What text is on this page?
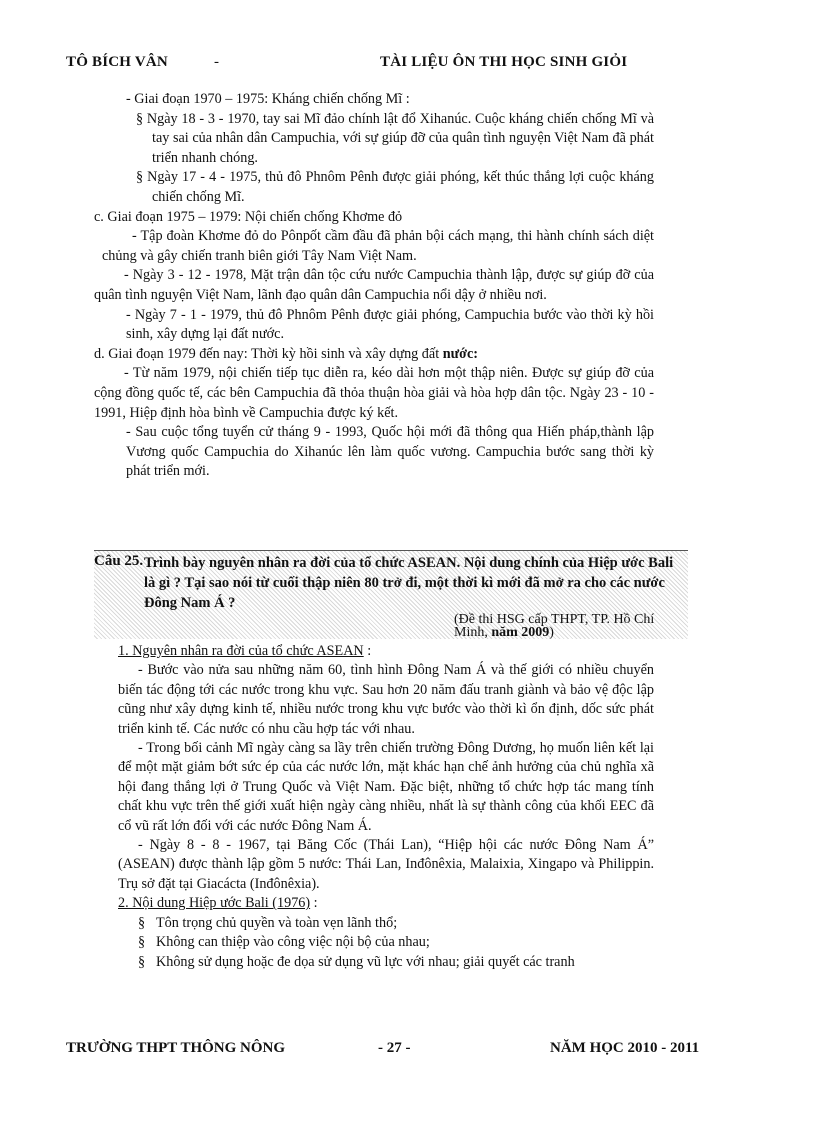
TÔ BÍCH VÂN	-	TÀI LIỆU ÔN THI HỌC SINH GIỎI

- Giai đoạn 1970 – 1975: Kháng chiến chống Mĩ :

§ Ngày 18 - 3 - 1970, tay sai Mĩ đảo chính lật đổ Xihanúc. Cuộc kháng chiến chống Mĩ và tay sai của nhân dân Campuchia, với sự giúp đỡ của quân tình nguyện Việt Nam đã phát triển nhanh chóng.

§ Ngày 17 - 4 - 1975, thủ đô Phnôm Pênh được giải phóng, kết thúc thắng lợi cuộc kháng chiến chống Mĩ.

c. Giai đoạn 1975 – 1979: Nội chiến chống Khơme đỏ

- Tập đoàn Khơme đỏ do Pônpốt cầm đầu đã phản bội cách mạng, thi hành chính sách diệt chủng và gây chiến tranh biên giới Tây Nam Việt Nam.

- Ngày 3 - 12 - 1978, Mặt trận dân tộc cứu nước Campuchia thành lập, được sự giúp đỡ của quân tình nguyện Việt Nam, lãnh đạo quân dân Campuchia nổi dậy ở nhiều nơi.

- Ngày 7 - 1 - 1979, thủ đô Phnôm Pênh được giải phóng, Campuchia bước vào thời kỳ hồi sinh, xây dựng lại đất nước.

d. Giai đoạn 1979 đến nay: Thời kỳ hồi sinh và xây dựng đất nước:

- Từ năm 1979, nội chiến tiếp tục diễn ra, kéo dài hơn một thập niên. Được sự giúp đỡ của cộng đồng quốc tế, các bên Campuchia đã thỏa thuận hòa giải và hòa hợp dân tộc. Ngày 23 - 10 - 1991, Hiệp định hòa bình về Campuchia được ký kết.

- Sau cuộc tổng tuyển cử tháng 9 - 1993, Quốc hội mới đã thông qua Hiến pháp,thành lập Vương quốc Campuchia do Xihanúc lên làm quốc vương. Campuchia bước sang thời kỳ phát triển mới.

Câu 25. Trình bày nguyên nhân ra đời của tổ chức ASEAN. Nội dung chính của Hiệp ước Bali là gì ? Tại sao nói từ cuối thập niên 80 trở đi, một thời kì mới đã mở ra cho các nước Đông Nam Á ?
(Đề thi HSG cấp THPT, TP. Hồ Chí Minh, năm 2009)

1. Nguyên nhân ra đời của tổ chức ASEAN :

- Bước vào nửa sau những năm 60, tình hình Đông Nam Á và thế giới có nhiều chuyển biến tác động tới các nước trong khu vực. Sau hơn 20 năm đấu tranh giành và bảo vệ độc lập cũng như xây dựng kinh tế, nhiều nước trong khu vực bước vào thời kì ổn định, dốc sức phát triển kinh tế. Các nước có nhu cầu hợp tác với nhau.

- Trong bối cảnh Mĩ ngày càng sa lầy trên chiến trường Đông Dương, họ muốn liên kết lại để một mặt giảm bớt sức ép của các nước lớn, mặt khác hạn chế ảnh hưởng của chủ nghĩa xã hội đang thắng lợi ở Trung Quốc và Việt Nam. Đặc biệt, những tổ chức hợp tác mang tính chất khu vực trên thế giới xuất hiện ngày càng nhiều, nhất là sự thành công của khối EEC đã cổ vũ rất lớn đối với các nước Đông Nam Á.

- Ngày 8 - 8 - 1967, tại Băng Cốc (Thái Lan), “Hiệp hội các nước Đông Nam Á” (ASEAN) được thành lập gồm 5 nước: Thái Lan, Inđônêxia, Malaixia, Xingapo và Philippin. Trụ sở đặt tại Giacácta (Inđônêxia).

2. Nội dung Hiệp ước Bali (1976) :

§ Tôn trọng chủ quyền và toàn vẹn lãnh thổ;

§ Không can thiệp vào công việc nội bộ của nhau;

§ Không sử dụng hoặc đe dọa sử dụng vũ lực với nhau; giải quyết các tranh

TRƯỜNG THPT THÔNG NÔNG	- 27 -	NĂM HỌC 2010 - 2011
